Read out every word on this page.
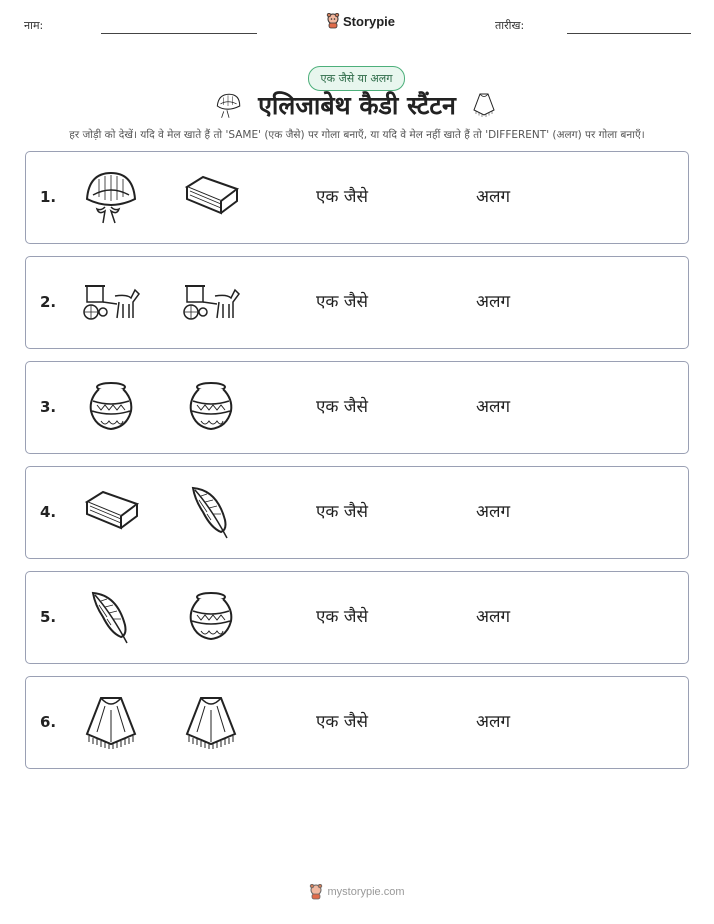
नाम:	Storypie	तारीख:
एक जैसे या अलग
एलिजाबेथ कैडी स्टैंटन
हर जोड़ी को देखें। यदि वे मेल खाते हैं तो 'SAME' (एक जैसे) पर गोला बनाएँ, या यदि वे मेल नहीं खाते हैं तो 'DIFFERENT' (अलग) पर गोला बनाएँ।
1.	एक जैसे	अलग
2.	एक जैसे	अलग
3.	एक जैसे	अलग
4.	एक जैसे	अलग
5.	एक जैसे	अलग
6.	एक जैसे	अलग
mystorypie.com
